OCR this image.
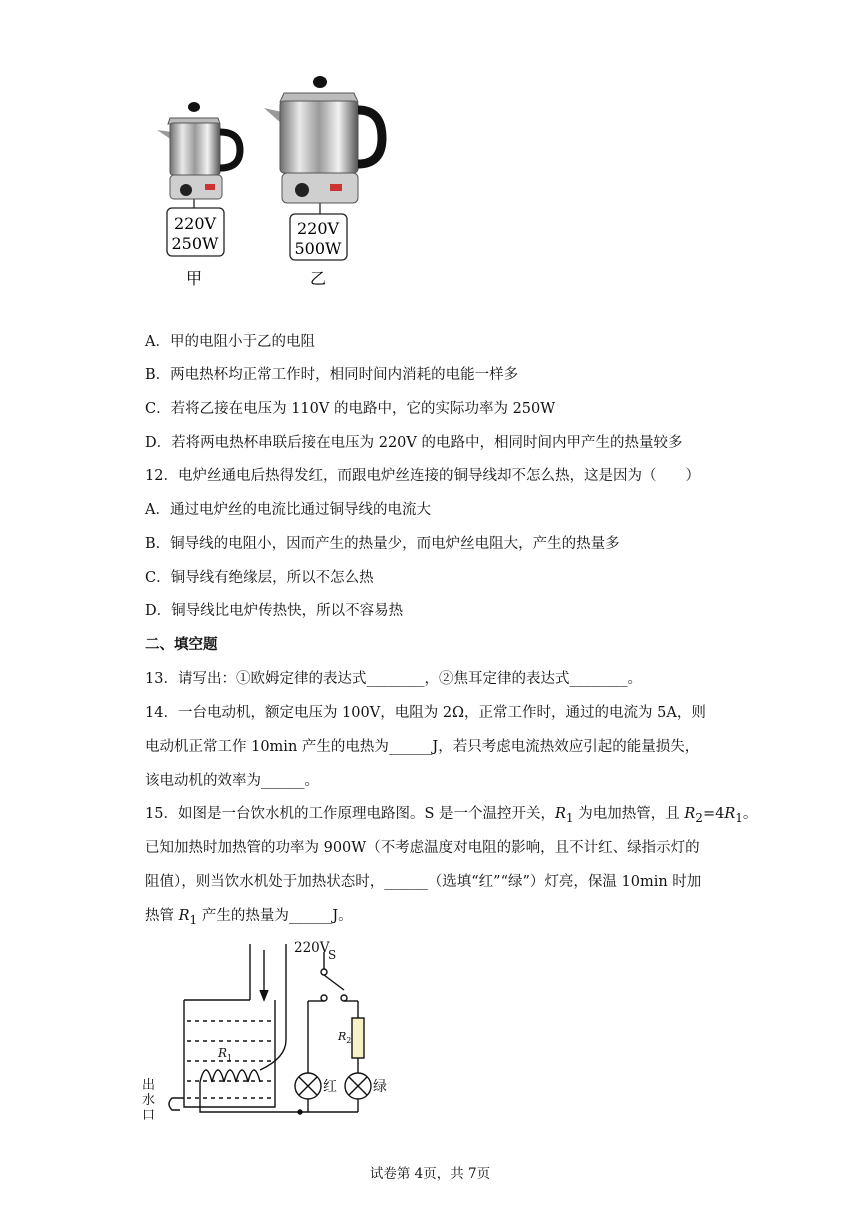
220V
250W
甲
220V
500W
乙
A．甲的电阻小于乙的电阻
B．两电热杯均正常工作时，相同时间内消耗的电能一样多
C．若将乙接在电压为 110V 的电路中，它的实际功率为 250W
D．若将两电热杯串联后接在电压为 220V 的电路中，相同时间内甲产生的热量较多
12．电炉丝通电后热得发红，而跟电炉丝连接的铜导线却不怎么热，这是因为（　　）
A．通过电炉丝的电流比通过铜导线的电流大
B．铜导线的电阻小，因而产生的热量少，而电炉丝电阻大，产生的热量多
C．铜导线有绝缘层，所以不怎么热
D．铜导线比电炉传热快，所以不容易热
二、填空题
13．请写出：①欧姆定律的表达式________，②焦耳定律的表达式________。
14．一台电动机，额定电压为 100V，电阻为 2Ω，正常工作时，通过的电流为 5A，则
电动机正常工作 10min 产生的电热为______J，若只考虑电流热效应引起的能量损失，
该电动机的效率为______。
15．如图是一台饮水机的工作原理电路图。S 是一个温控开关，$R_1$ 为电加热管，且 $R_2=4R_1$。
已知加热时加热管的功率为 900W（不考虑温度对电阻的影响，且不计红、绿指示灯的
阻值），则当饮水机处于加热状态时，______（选填“红”“绿”）灯亮，保温 10min 时加
热管 $R_1$ 产生的热量为______J。
220V
S
$R_2$
$R_1$
红	绿
出
水
口
试卷第 4页，共 7页
